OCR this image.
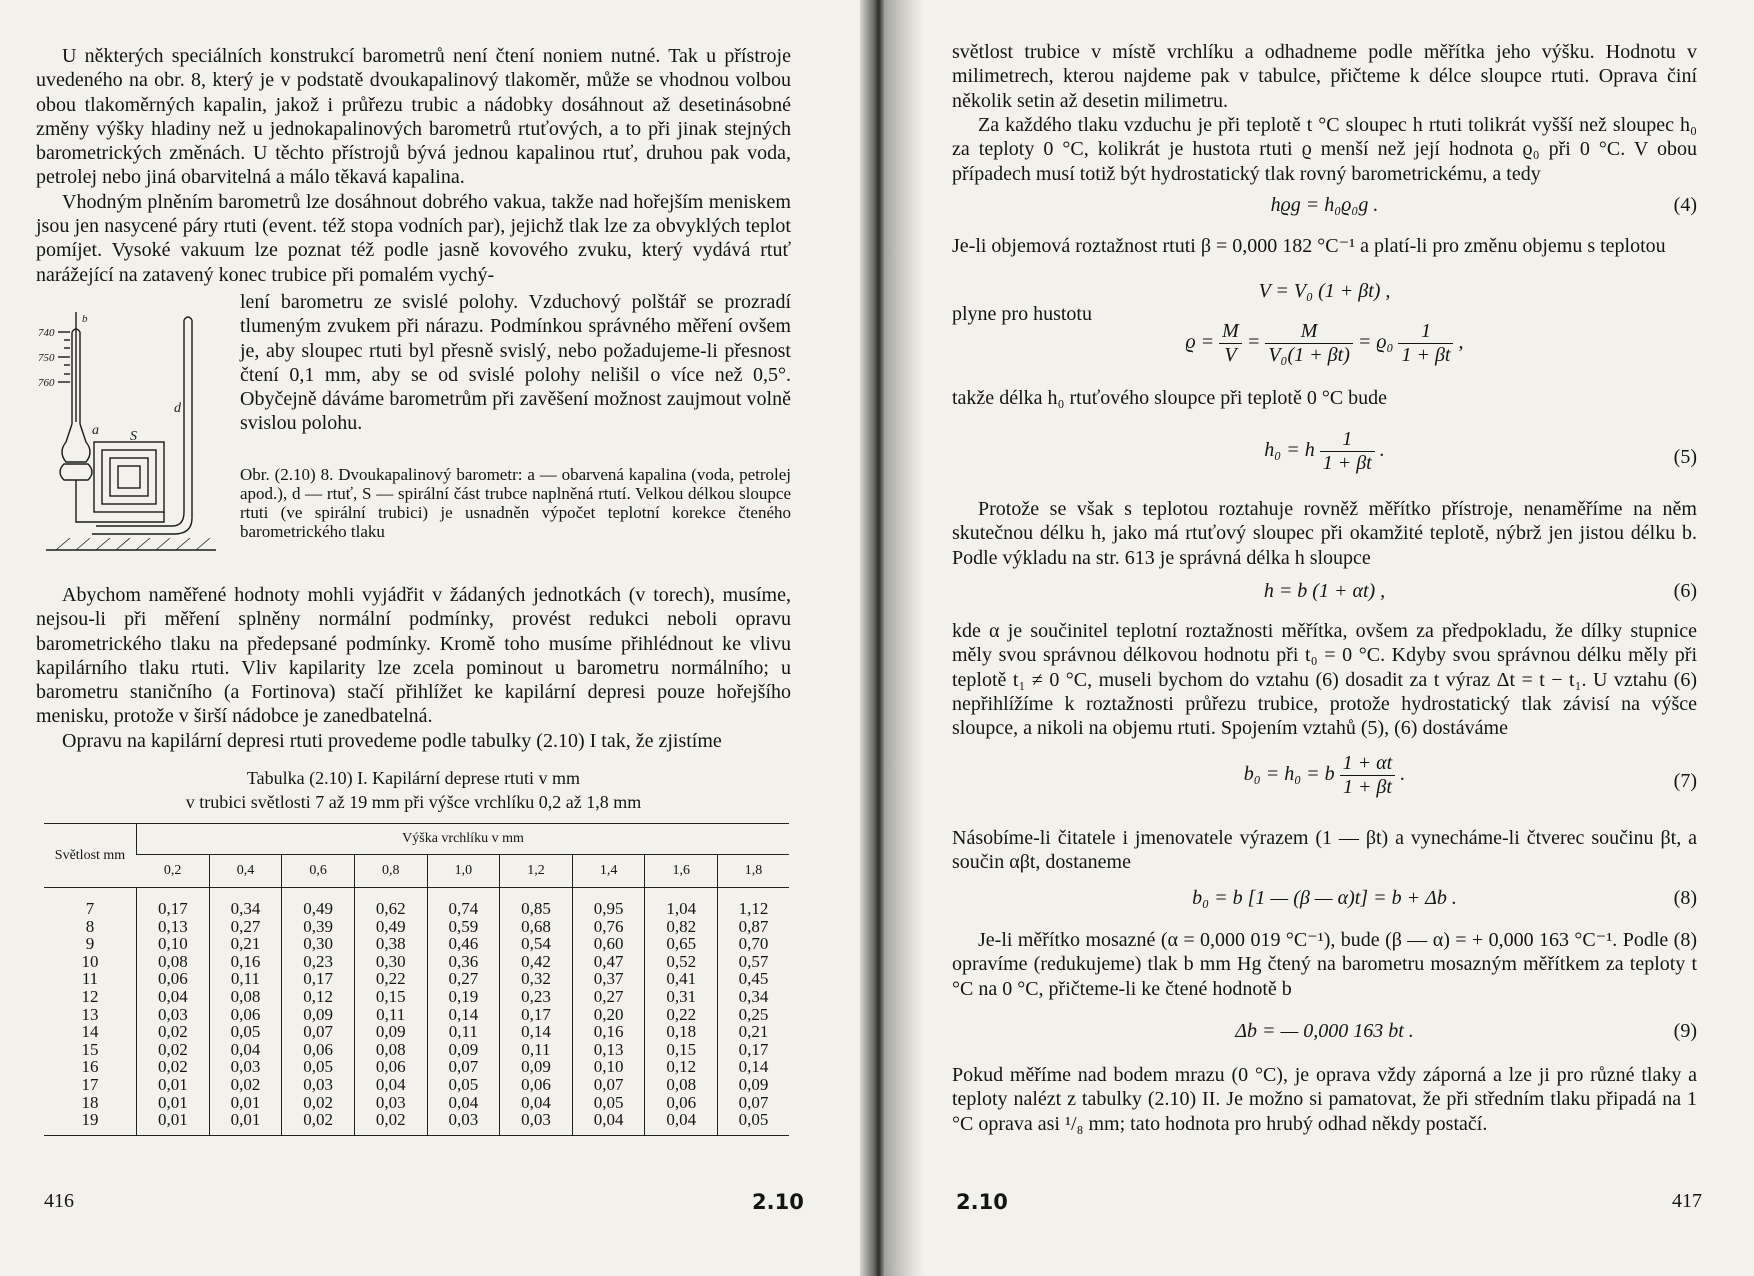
U některých speciálních konstrukcí barometrů není čtení noniem nutné. Tak u přístroje uvedeného na obr. 8, který je v podstatě dvoukapalinový tlakoměr, může se vhodnou volbou obou tlakoměrných kapalin, jakož i průřezu trubic a nádobky dosáhnout až desetinásobné změny výšky hladiny než u jednokapalinových barometrů rtuťových, a to při jinak stejných barometrických změnách. U těchto přístrojů bývá jednou kapalinou rtuť, druhou pak voda, petrolej nebo jiná obarvitelná a málo těkavá kapalina.

Vhodným plněním barometrů lze dosáhnout dobrého vakua, takže nad hořejším meniskem jsou jen nasycené páry rtuti (event. též stopa vodních par), jejichž tlak lze za obvyklých teplot pomíjet. Vysoké vakuum lze poznat též podle jasně kovového zvuku, který vydává rtuť narážející na zatavený konec trubice při pomalém vychý-

lení barometru ze svislé polohy. Vzduchový polštář se prozradí tlumeným zvukem při nárazu. Podmínkou správného měření ovšem je, aby sloupec rtuti byl přesně svislý, nebo požadujeme-li přesnost čtení 0,1 mm, aby se od svislé polohy nelišil o více než 0,5°. Obyčejně dáváme barometrům při zavěšení možnost zaujmout volně svislou polohu.

b
740
750
760
a
d
S
Obr. (2.10) 8. Dvoukapalinový barometr: a — obarvená kapalina (voda, petrolej apod.), d — rtuť, S — spirální část trubce naplněná rtutí. Velkou délkou sloupce rtuti (ve spirální trubici) je usnadněn výpočet teplotní korekce čteného barometrického tlaku

Abychom naměřené hodnoty mohli vyjádřit v žádaných jednotkách (v torech), musíme, nejsou-li při měření splněny normální podmínky, provést redukci neboli opravu barometrického tlaku na předepsané podmínky. Kromě toho musíme přihlédnout ke vlivu kapilárního tlaku rtuti. Vliv kapilarity lze zcela pominout u barometru normálního; u barometru staničního (a Fortinova) stačí přihlížet ke kapilární depresi pouze hořejšího menisku, protože v širší nádobce je zanedbatelná.

Opravu na kapilární depresi rtuti provedeme podle tabulky (2.10) I tak, že zjistíme

Tabulka (2.10) I. Kapilární deprese rtuti v mm
v trubici světlosti 7 až 19 mm při výšce vrchlíku 0,2 až 1,8 mm
Světlost mm	Výška vrchlíku v mm								
	0,2	0,4	0,6	0,8	1,0	1,2	1,4	1,6	1,8
7	0,17	0,34	0,49	0,62	0,74	0,85	0,95	1,04	1,12
8	0,13	0,27	0,39	0,49	0,59	0,68	0,76	0,82	0,87
9	0,10	0,21	0,30	0,38	0,46	0,54	0,60	0,65	0,70
10	0,08	0,16	0,23	0,30	0,36	0,42	0,47	0,52	0,57
11	0,06	0,11	0,17	0,22	0,27	0,32	0,37	0,41	0,45
12	0,04	0,08	0,12	0,15	0,19	0,23	0,27	0,31	0,34
13	0,03	0,06	0,09	0,11	0,14	0,17	0,20	0,22	0,25
14	0,02	0,05	0,07	0,09	0,11	0,14	0,16	0,18	0,21
15	0,02	0,04	0,06	0,08	0,09	0,11	0,13	0,15	0,17
16	0,02	0,03	0,05	0,06	0,07	0,09	0,10	0,12	0,14
17	0,01	0,02	0,03	0,04	0,05	0,06	0,07	0,08	0,09
18	0,01	0,01	0,02	0,03	0,04	0,04	0,05	0,06	0,07
19	0,01	0,01	0,02	0,02	0,03	0,03	0,04	0,04	0,05
416	2.10
světlost trubice v místě vrchlíku a odhadneme podle měřítka jeho výšku. Hodnotu v milimetrech, kterou najdeme pak v tabulce, přičteme k délce sloupce rtuti. Oprava činí několik setin až desetin milimetru.
Za každého tlaku vzduchu je při teplotě t °C sloupec h rtuti tolikrát vyšší než sloupec h₀ za teploty 0 °C, kolikrát je hustota rtuti ϱ menší než její hodnota ϱ₀ při 0 °C. V obou případech musí totiž být hydrostatický tlak rovný barometrickému, a tedy
hϱg = h₀ϱ₀g .	(4)
Je-li objemová roztažnost rtuti β = 0,000 182 °C⁻¹ a platí-li pro změnu objemu s teplotou
V = V₀ (1 + βt) ,
plyne pro hustotu
$ϱ = \frac{M}{V} = \frac{M}{\text{V₀(1 + βt)}} = ϱ_0 \frac{1}{1 + \beta t}$ ,
takže délka h₀ rtuťového sloupce při teplotě 0 °C bude
h₀ = h $\frac{1}{1 + \beta t}$ .	(5)
Protože se však s teplotou roztahuje rovněž měřítko přístroje, nenaměříme na něm skutečnou délku h, jako má rtuťový sloupec při okamžité teplotě, nýbrž jen jistou délku b. Podle výkladu na str. 613 je správná délka h sloupce
h = b (1 + αt) ,	(6)
kde α je součinitel teplotní roztažnosti měřítka, ovšem za předpokladu, že dílky stupnice měly svou správnou délkovou hodnotu při t₀ = 0 °C. Kdyby svou správnou délku měly při teplotě t₁ ≠ 0 °C, museli bychom do vztahu (6) dosadit za t výraz Δt = t − t₁. U vztahu (6) nepřihlížíme k roztažnosti průřezu trubice, protože hydrostatický tlak závisí na výšce sloupce, a nikoli na objemu rtuti. Spojením vztahů (5), (6) dostáváme
b₀ = h₀ = b $\frac{1 + \alpha t}{1 + \beta t}$ .	(7)
Násobíme-li čitatele i jmenovatele výrazem (1 — βt) a vynecháme-li čtverec součinu βt, a součin αβt, dostaneme
b₀ = b [1 — (β — α)t] = b + Δb .	(8)
Je-li měřítko mosazné (α = 0,000 019 °C⁻¹), bude (β — α) = + 0,000 163 °C⁻¹. Podle (8) opravíme (redukujeme) tlak b mm Hg čtený na barometru mosazným měřítkem za teploty t °C na 0 °C, přičteme-li ke čtené hodnotě b
Δb = — 0,000 163 bt .	(9)
Pokud měříme nad bodem mrazu (0 °C), je oprava vždy záporná a lze ji pro různé tlaky a teploty nalézt z tabulky (2.10) II. Je možno si pamatovat, že při středním tlaku připadá na 1 °C oprava asi ¹/₈ mm; tato hodnota pro hrubý odhad někdy postačí.
2.10	417
